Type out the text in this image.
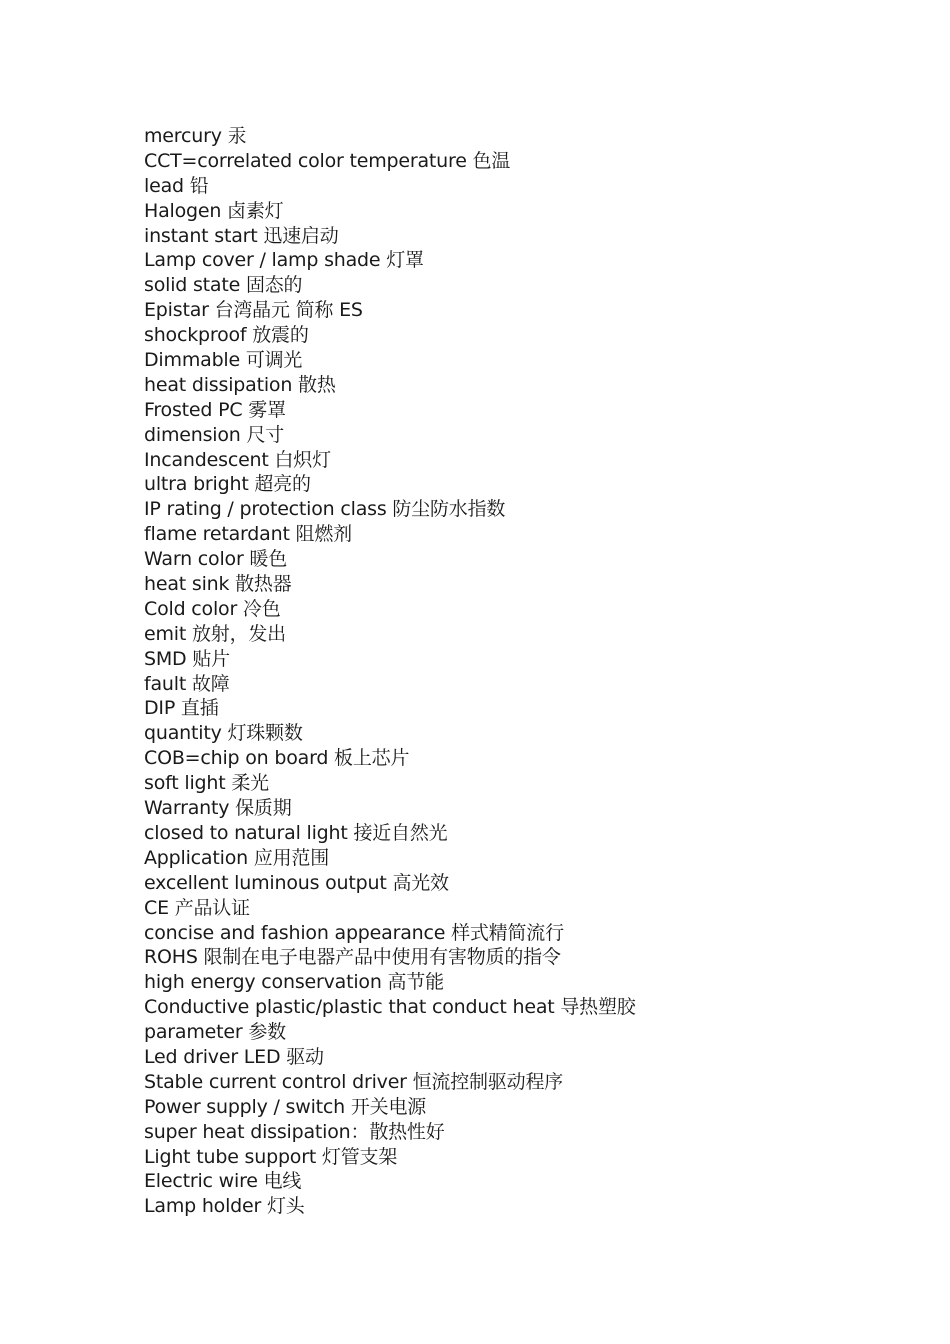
mercury 汞
CCT=correlated color temperature 色温
lead 铅
Halogen 卤素灯
instant start 迅速启动
Lamp cover / lamp shade 灯罩
solid state 固态的
Epistar 台湾晶元 简称 ES
shockproof 放震的
Dimmable 可调光
heat dissipation 散热
Frosted PC 雾罩
dimension 尺寸
Incandescent 白炽灯
ultra bright 超亮的
IP rating / protection class 防尘防水指数
flame retardant 阻燃剂
Warn color 暖色
heat sink 散热器
Cold color 冷色
emit 放射，发出
SMD 贴片
fault 故障
DIP 直插
quantity 灯珠颗数
COB=chip on board 板上芯片
soft light 柔光
Warranty 保质期
closed to natural light 接近自然光
Application 应用范围
excellent luminous output 高光效
CE 产品认证
concise and fashion appearance 样式精简流行
ROHS 限制在电子电器产品中使用有害物质的指令
high energy conservation 高节能
Conductive plastic/plastic that conduct heat 导热塑胶
parameter 参数
Led driver LED 驱动
Stable current control driver 恒流控制驱动程序
Power supply / switch 开关电源
super heat dissipation：散热性好
Light tube support 灯管支架
Electric wire 电线
Lamp holder 灯头
